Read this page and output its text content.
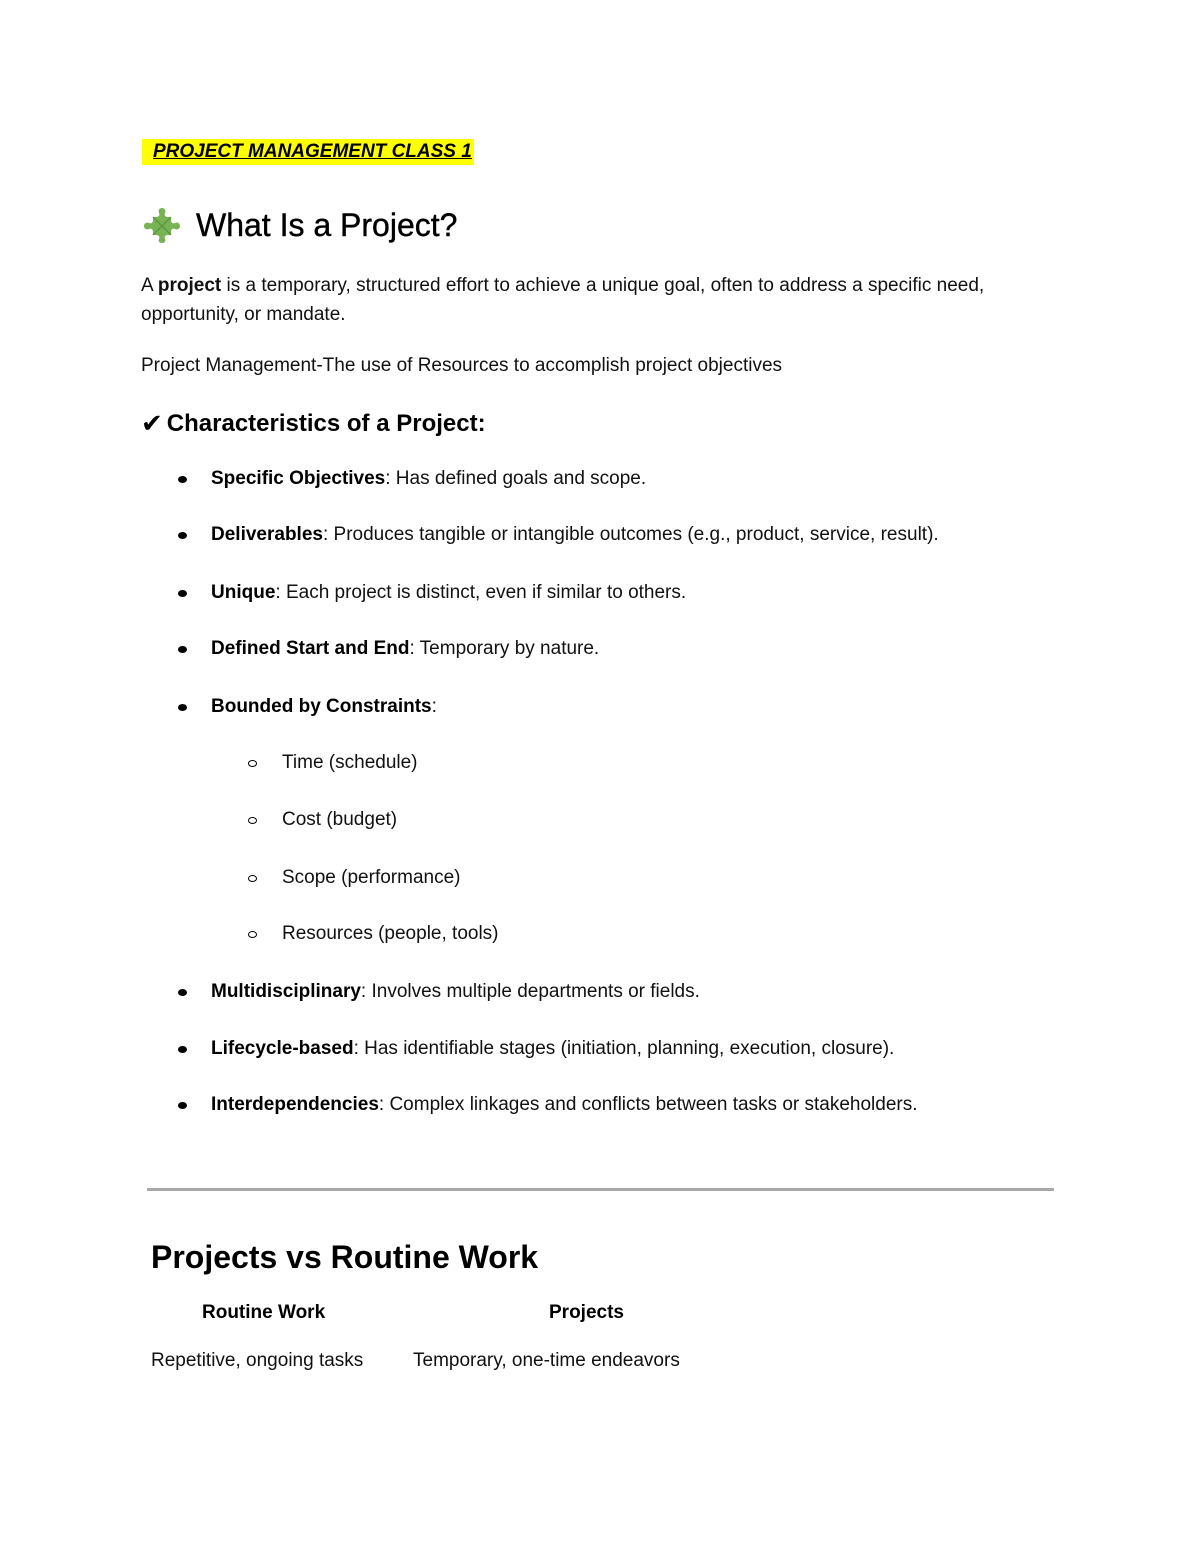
PROJECT MANAGEMENT CLASS 1
What Is a Project?

A project is a temporary, structured effort to achieve a unique goal, often to address a specific need, opportunity, or mandate.

Project Management-The use of Resources to accomplish project objectives

✔ Characteristics of a Project:
Specific Objectives: Has defined goals and scope.
Deliverables: Produces tangible or intangible outcomes (e.g., product, service, result).
Unique: Each project is distinct, even if similar to others.
Defined Start and End: Temporary by nature.
Bounded by Constraints:
Time (schedule)
Cost (budget)
Scope (performance)
Resources (people, tools)
Multidisciplinary: Involves multiple departments or fields.
Lifecycle-based: Has identifiable stages (initiation, planning, execution, closure).
Interdependencies: Complex linkages and conflicts between tasks or stakeholders.
Projects vs Routine Work
Routine Work	Projects
Repetitive, ongoing tasks	Temporary, one-time endeavors
